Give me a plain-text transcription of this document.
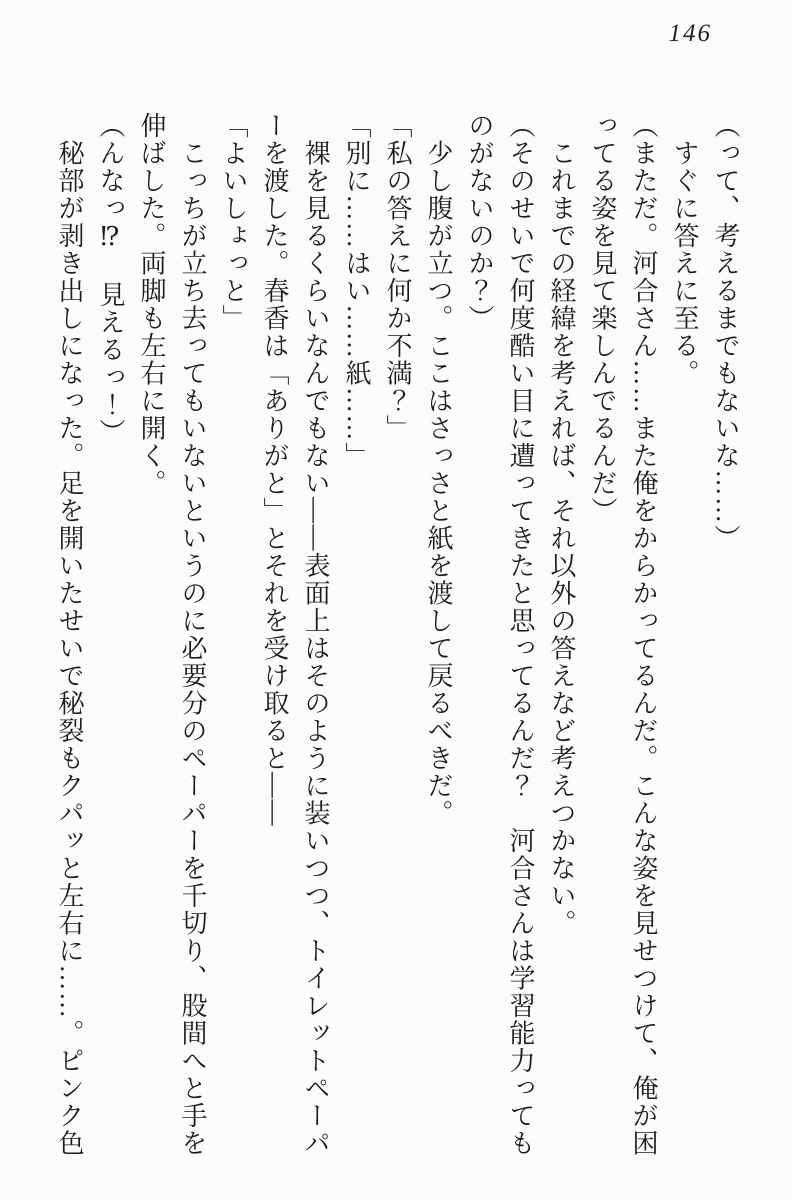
146

（って、考えるまでもないな……）

　すぐに答えに至る。

（まただ。河合さん……また俺をからかってるんだ。こんな姿を見せつけて、俺が困

ってる姿を見て楽しんでるんだ）

　これまでの経緯を考えれば、それ以外の答えなど考えつかない。

（そのせいで何度酷い目に遭ってきたと思ってるんだ？　河合さんは学習能力っても

のがないのか？）

　少し腹が立つ。ここはさっさと紙を渡して戻るべきだ。

「私の答えに何か不満？」

「別に……はい……紙……」

　裸を見るくらいなんでもない——表面上はそのように装いつつ、トイレットペーパ

ーを渡した。春香は「ありがと」とそれを受け取ると——

「よいしょっと」

　こっちが立ち去ってもいないというのに必要分のペーパーを千切り、股間へと手を

伸ばした。両脚も左右に開く。

（んなっ⁉　見えるっ！）

　秘部が剥き出しになった。足を開いたせいで秘裂もクパッと左右に……。ピンク色
